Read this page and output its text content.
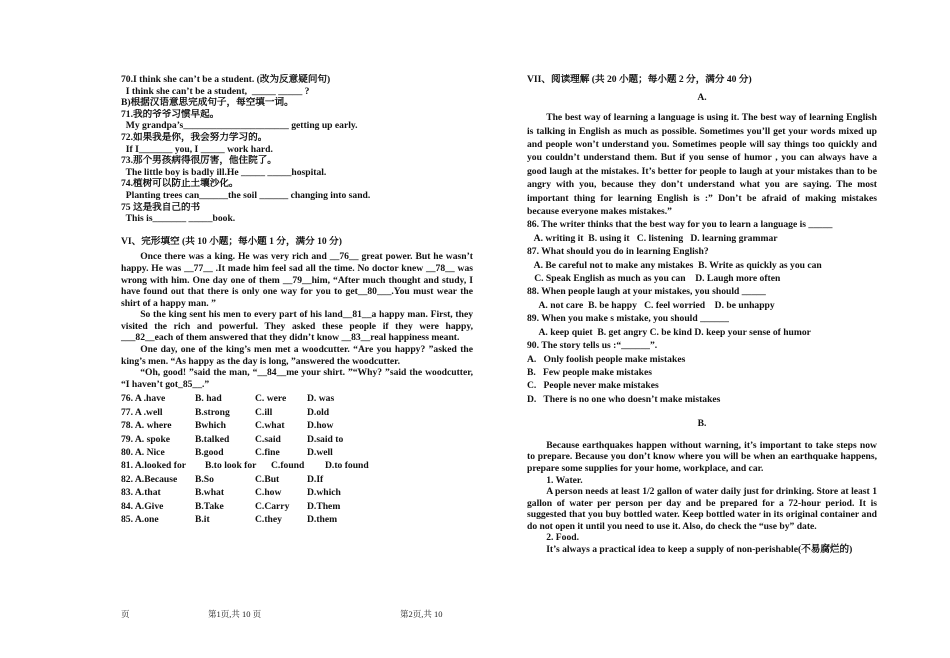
70.I think she can’t be a student. (改为反意疑问句)
I think she can’t be a student,  _____ _____ ?
B)根据汉语意思完成句子，每空填一词。
71.我的爷爷习惯早起。
My grandpa’s______________________ getting up early.
72.如果我是你，我会努力学习的。
If I_______ you, I _____ work hard.
73.那个男孩病得很厉害，他住院了。
The little boy is badly ill.He _____ _____hospital.
74.植树可以防止土壤沙化。
Planting trees can______the soil ______ changing into sand.
75 这是我自己的书
This is_______ _____book.
VI、完形填空 (共 10 小题；每小题 1 分，满分 10 分)
Once there was a king. He was very rich and __76__ great power. But he wasn’t happy. He was __77__ .It made him feel sad all the time. No doctor knew __78__ was wrong with him. One day one of them __79__him, “After much thought and study, I have found out that there is only one way for you to get__80___.You must wear the shirt of a happy man. ”
So the king sent his men to every part of his land__81__a happy man. First, they visited the rich and powerful. They asked these people if they were happy, ___82__each of them answered that they didn’t know __83__real happiness meant.
One day, one of the king’s men met a woodcutter. “Are you happy? ”asked the king’s men. “As happy as the day is long, ”answered the woodcutter.
“Oh, good! ”said the man, “__84__me your shirt. ”“Why? ”said the woodcutter, “I haven’t got_85__.”
76. A .have	B. had	C. were	D. was
77. A .well	B.strong	C.ill	D.old
78. A. where	Bwhich	C.what	D.how
79. A. spoke	B.talked	C.said	D.said to
80. A. Nice	B.good	C.fine	D.well
81. A.looked for	B.to look for	C.found	D.to found
82. A.Because	B.So	C.But	D.If
83. A.that	B.what	C.how	D.which
84. A.Give	B.Take	C.Carry	D.Them
85. A.one	B.it	C.they	D.them
VII、阅读理解 (共 20 小题；每小题 2 分，满分 40 分)
A.
The best way of learning a language is using it. The best way of learning English is talking in English as much as possible. Sometimes you’ll get your words mixed up and people won’t understand you. Sometimes people will say things too quickly and you couldn’t understand them. But if you sense of humor , you can always have a good laugh at the mistakes. It’s better for people to laugh at your mistakes than to be angry with you, because they don’t understand what you are saying. The most important thing for learning English is :” Don’t be afraid of making mistakes because everyone makes mistakes.”
86. The writer thinks that the best way for you to learn a language is _____
A. writing it  B. using it   C. listening   D. learning grammar
87. What should you do in learning English?
A. Be careful not to make any mistakes  B. Write as quickly as you can
C. Speak English as much as you can    D. Laugh more often
88. When people laugh at your mistakes, you should _____
A. not care  B. be happy   C. feel worried    D. be unhappy
89. When you make s mistake, you should ______
A. keep quiet  B. get angry C. be kind D. keep your sense of humor
90. The story tells us :“______”.
A.   Only foolish people make mistakes
B.   Few people make mistakes
C.   People never make mistakes
D.   There is no one who doesn’t make mistakes
B.
Because earthquakes happen without warning, it’s important to take steps now to prepare. Because you don’t know where you will be when an earthquake happens, prepare some supplies for your home, workplace, and car.
1. Water.
A person needs at least 1/2 gallon of water daily just for drinking. Store at least 1 gallon of water per person per day and be prepared for a 72-hour period. It is suggested that you buy bottled water. Keep bottled water in its original container and do not open it until you need to use it. Also, do check the “use by” date.
2. Food.
It’s always a practical idea to keep a supply of non-perishable(不易腐烂的)
页	第1页,共 10 页	第2页,共 10
